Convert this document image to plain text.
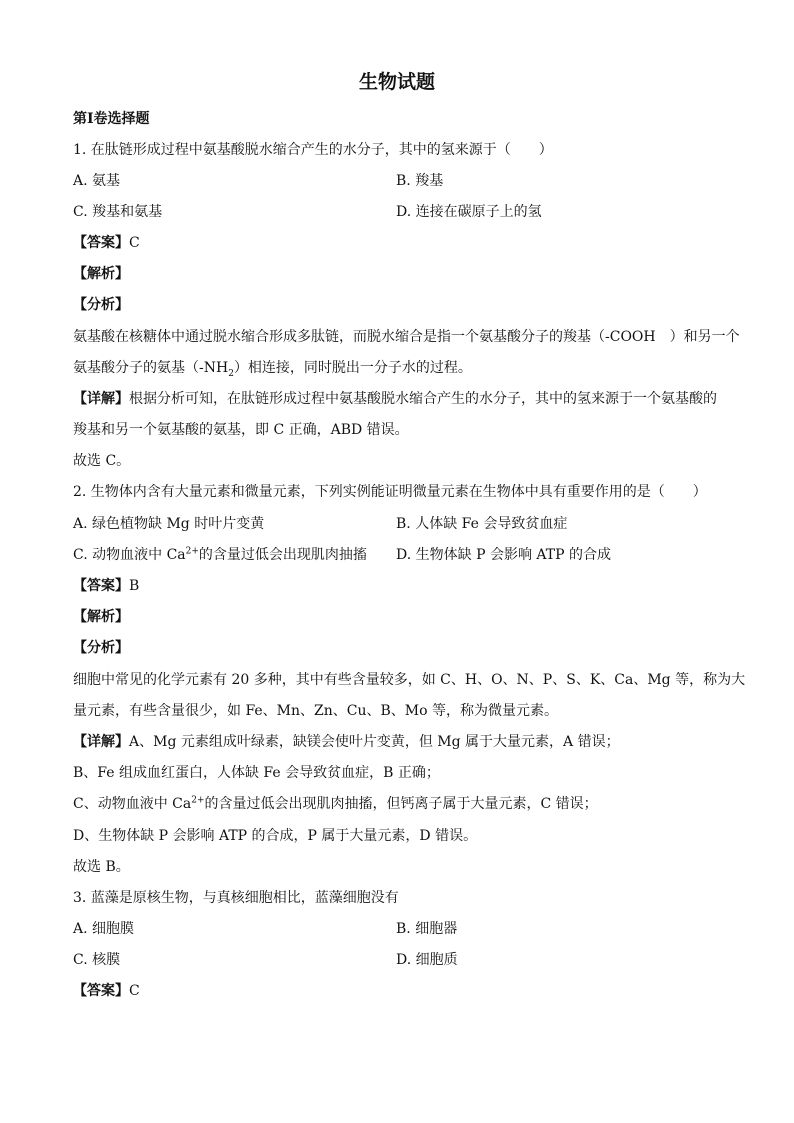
生物试题
第Ⅰ卷选择题
1. 在肽链形成过程中氨基酸脱水缩合产生的水分子，其中的氢来源于（　　）
A. 氨基	B. 羧基
C. 羧基和氨基	D. 连接在碳原子上的氢
【答案】C
【解析】
【分析】
氨基酸在核糖体中通过脱水缩合形成多肽链，而脱水缩合是指一个氨基酸分子的羧基（-COOH　）和另一个
氨基酸分子的氨基$(-NH_2)$相连接，同时脱出一分子水的过程。
【详解】根据分析可知，在肽链形成过程中氨基酸脱水缩合产生的水分子，其中的氢来源于一个氨基酸的
羧基和另一个氨基酸的氨基，即 C 正确，ABD 错误。
故选 C。
2. 生物体内含有大量元素和微量元素，下列实例能证明微量元素在生物体中具有重要作用的是（　　）
A. 绿色植物缺 Mg 时叶片变黄	B. 人体缺 Fe 会导致贫血症
C. 动物血液中 $Ca^{2+}$的含量过低会出现肌肉抽搐 D. 生物体缺 P 会影响 ATP 的合成
【答案】B
【解析】
【分析】
细胞中常见的化学元素有 20 多种，其中有些含量较多，如 C、H、O、N、P、S、K、Ca、Mg 等，称为大
量元素，有些含量很少，如 Fe、Mn、Zn、Cu、B、Mo 等，称为微量元素。
【详解】A、Mg 元素组成叶绿素，缺镁会使叶片变黄，但 Mg 属于大量元素，A 错误；
B、Fe 组成血红蛋白，人体缺 Fe 会导致贫血症，B 正确；
C、动物血液中 $Ca^{2+}$的含量过低会出现肌肉抽搐，但钙离子属于大量元素，C 错误；
D、生物体缺 P 会影响 ATP 的合成，P 属于大量元素，D 错误。
故选 B。
3. 蓝藻是原核生物，与真核细胞相比，蓝藻细胞没有
A. 细胞膜	B. 细胞器
C. 核膜	D. 细胞质
【答案】C
